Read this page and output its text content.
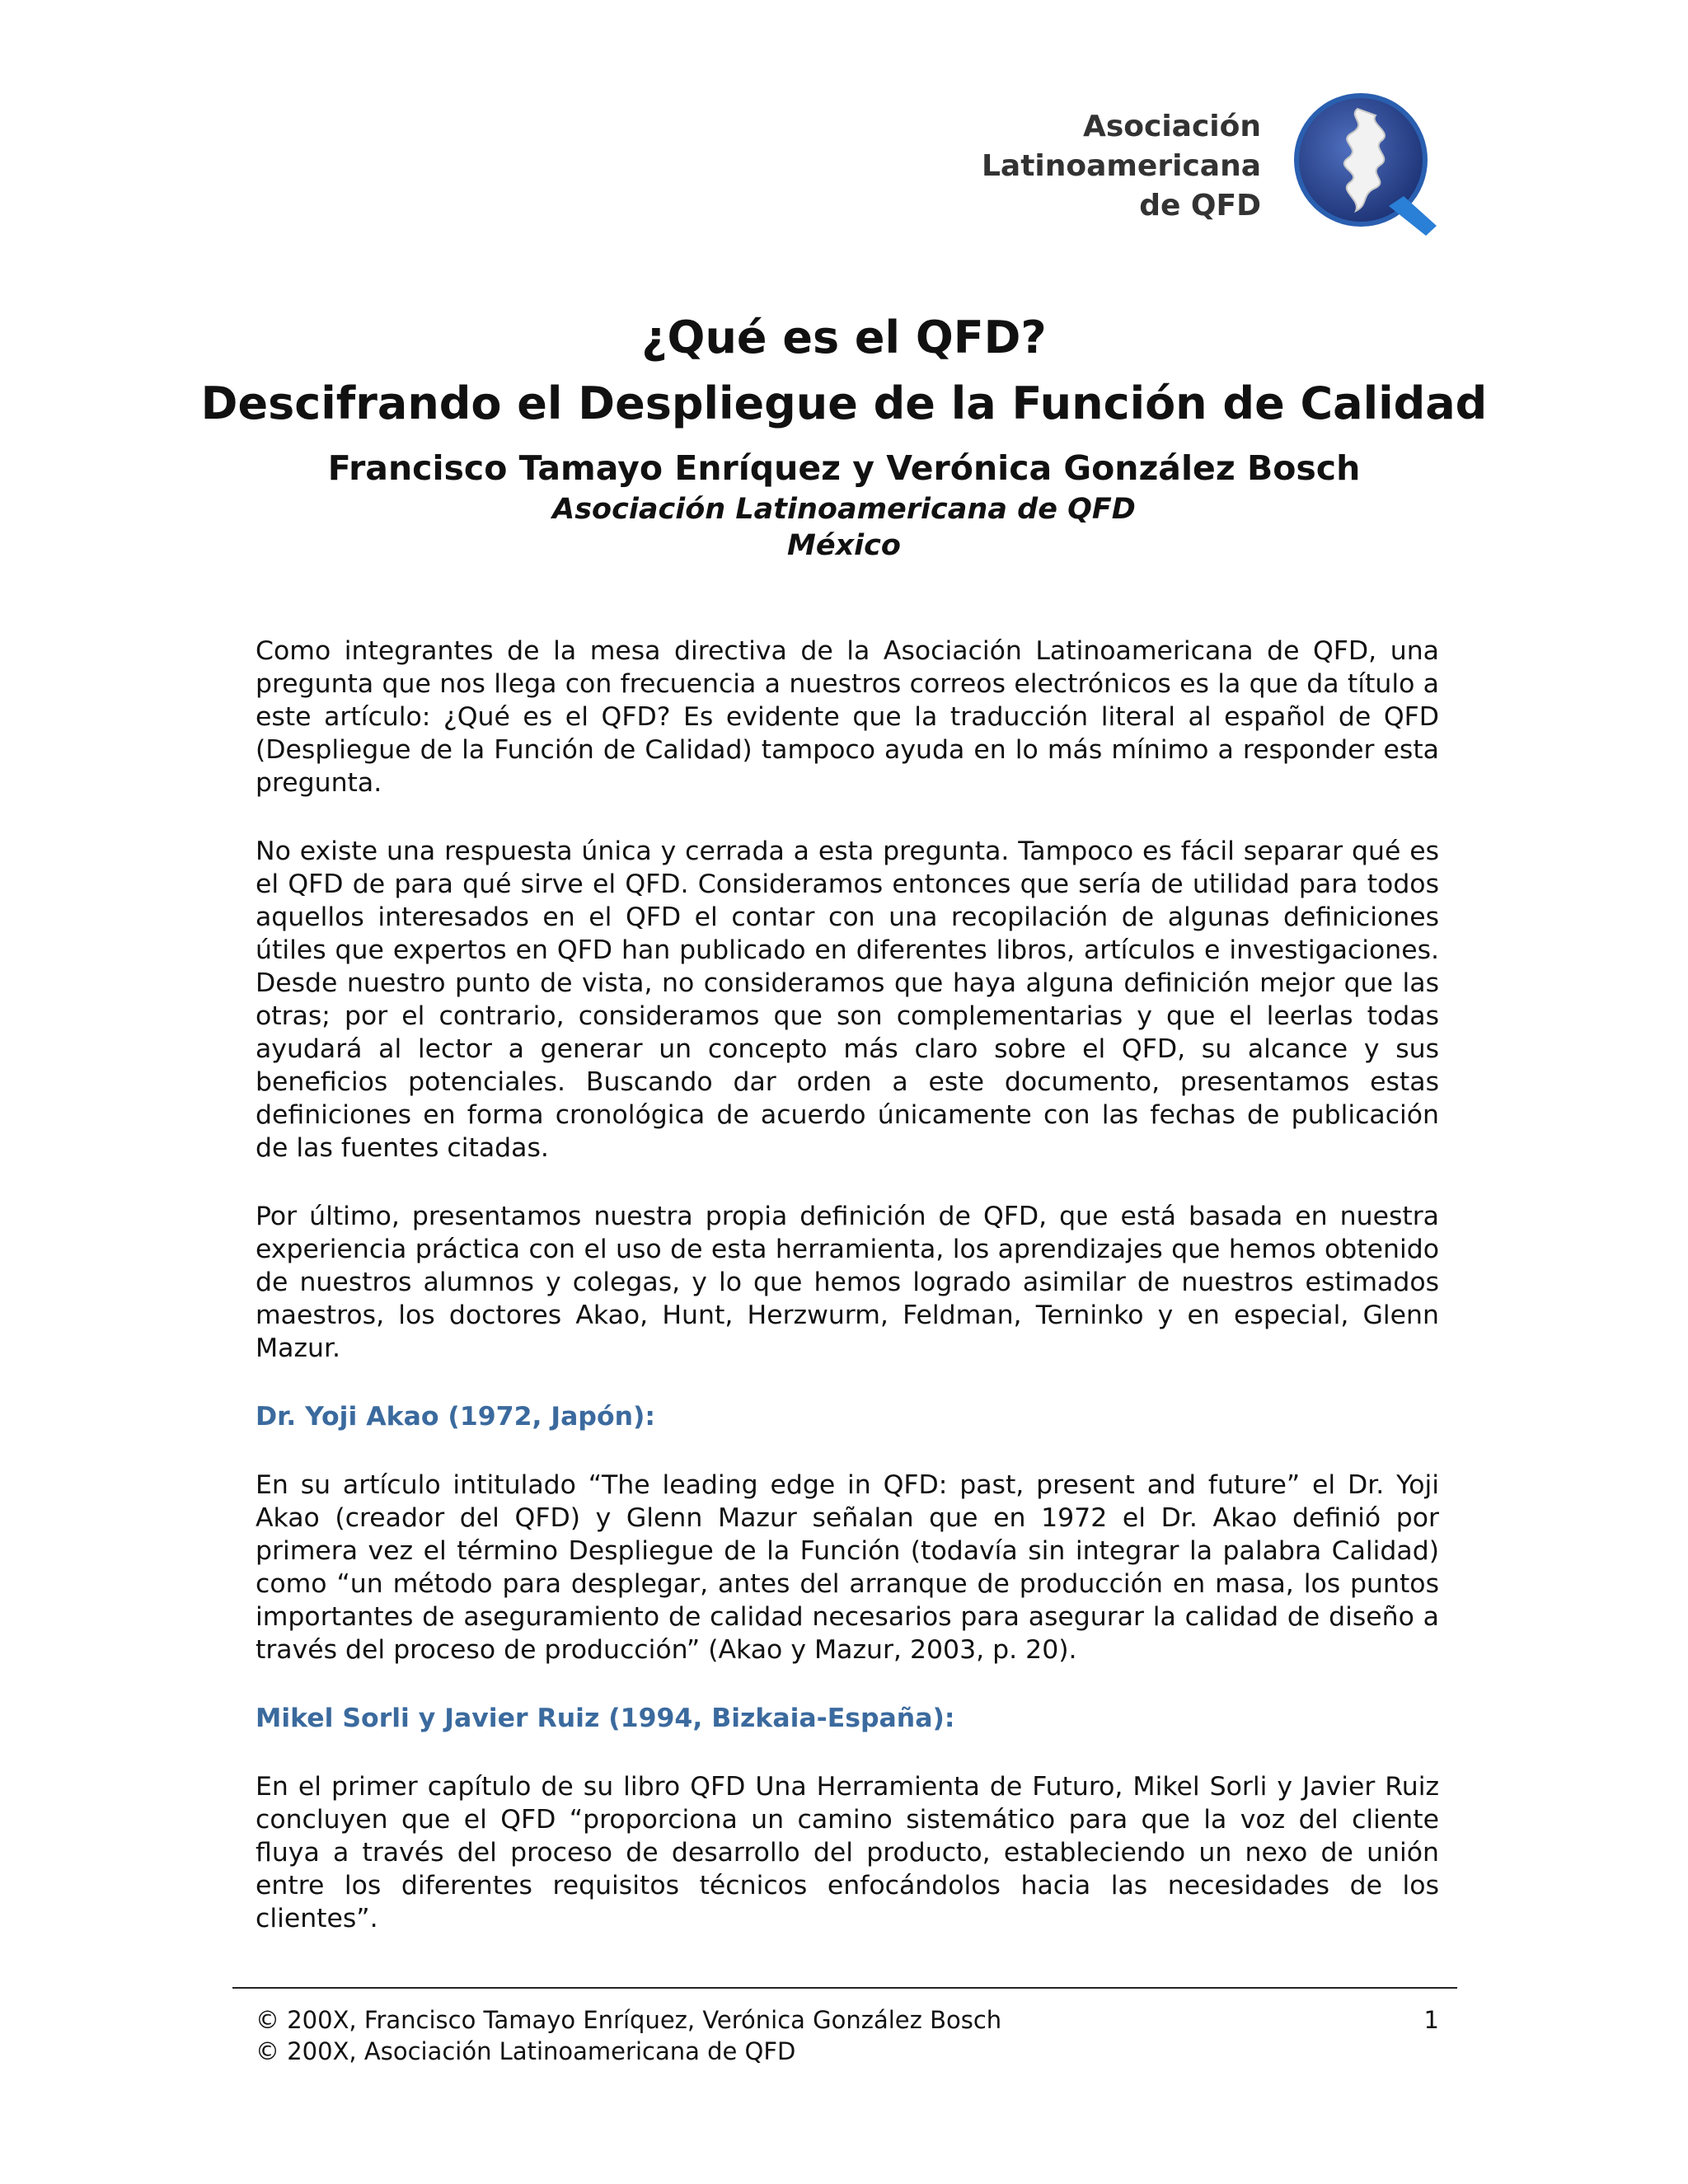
Asociación
Latinoamericana
de QFD
¿Qué es el QFD?
Descifrando el Despliegue de la Función de Calidad
Francisco Tamayo Enríquez y Verónica González Bosch
Asociación Latinoamericana de QFD
México

Como integrantes de la mesa directiva de la Asociación Latinoamericana de QFD, una pregunta que nos llega con frecuencia a nuestros correos electrónicos es la que da título a este artículo: ¿Qué es el QFD? Es evidente que la traducción literal al español de QFD (Despliegue de la Función de Calidad) tampoco ayuda en lo más mínimo a responder esta pregunta.

No existe una respuesta única y cerrada a esta pregunta. Tampoco es fácil separar qué es el QFD de para qué sirve el QFD. Consideramos entonces que sería de utilidad para todos aquellos interesados en el QFD el contar con una recopilación de algunas definiciones útiles que expertos en QFD han publicado en diferentes libros, artículos e investigaciones. Desde nuestro punto de vista, no consideramos que haya alguna definición mejor que las otras; por el contrario, consideramos que son complementarias y que el leerlas todas ayudará al lector a generar un concepto más claro sobre el QFD, su alcance y sus beneficios potenciales. Buscando dar orden a este documento, presentamos estas definiciones en forma cronológica de acuerdo únicamente con las fechas de publicación de las fuentes citadas.

Por último, presentamos nuestra propia definición de QFD, que está basada en nuestra experiencia práctica con el uso de esta herramienta, los aprendizajes que hemos obtenido de nuestros alumnos y colegas, y lo que hemos logrado asimilar de nuestros estimados maestros, los doctores Akao, Hunt, Herzwurm, Feldman, Terninko y en especial, Glenn Mazur.

Dr. Yoji Akao (1972, Japón):

En su artículo intitulado “The leading edge in QFD: past, present and future” el Dr. Yoji Akao (creador del QFD) y Glenn Mazur señalan que en 1972 el Dr. Akao definió por primera vez el término Despliegue de la Función (todavía sin integrar la palabra Calidad) como “un método para desplegar, antes del arranque de producción en masa, los puntos importantes de aseguramiento de calidad necesarios para asegurar la calidad de diseño a través del proceso de producción” (Akao y Mazur, 2003, p. 20).

Mikel Sorli y Javier Ruiz (1994, Bizkaia-España):

En el primer capítulo de su libro QFD Una Herramienta de Futuro, Mikel Sorli y Javier Ruiz concluyen que el QFD “proporciona un camino sistemático para que la voz del cliente fluya a través del proceso de desarrollo del producto, estableciendo un nexo de unión entre los diferentes requisitos técnicos enfocándolos hacia las necesidades de los clientes”.

© 200X, Francisco Tamayo Enríquez, Verónica González Bosch
© 200X, Asociación Latinoamericana de QFD
1
